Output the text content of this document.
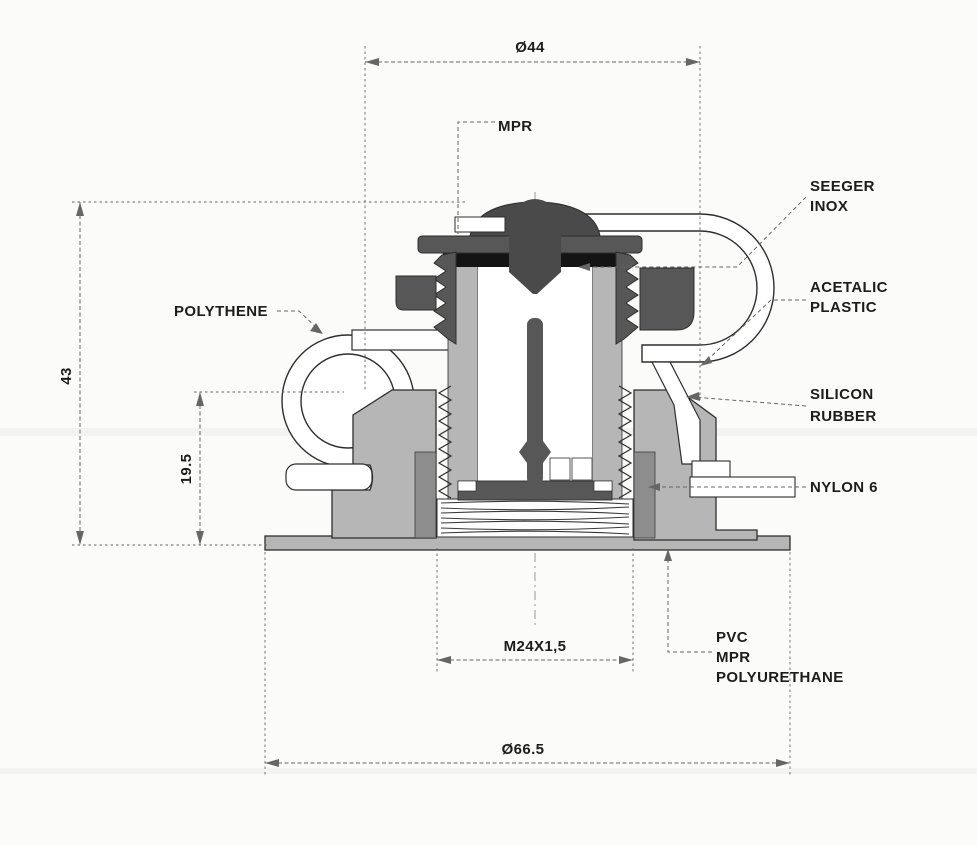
Ø44
43
19.5
M24X1,5
Ø66.5
MPR
SEEGER
INOX
ACETALIC
PLASTIC
SILICON
RUBBER
NYLON 6
POLYTHENE
PVC
MPR
POLYURETHANE
